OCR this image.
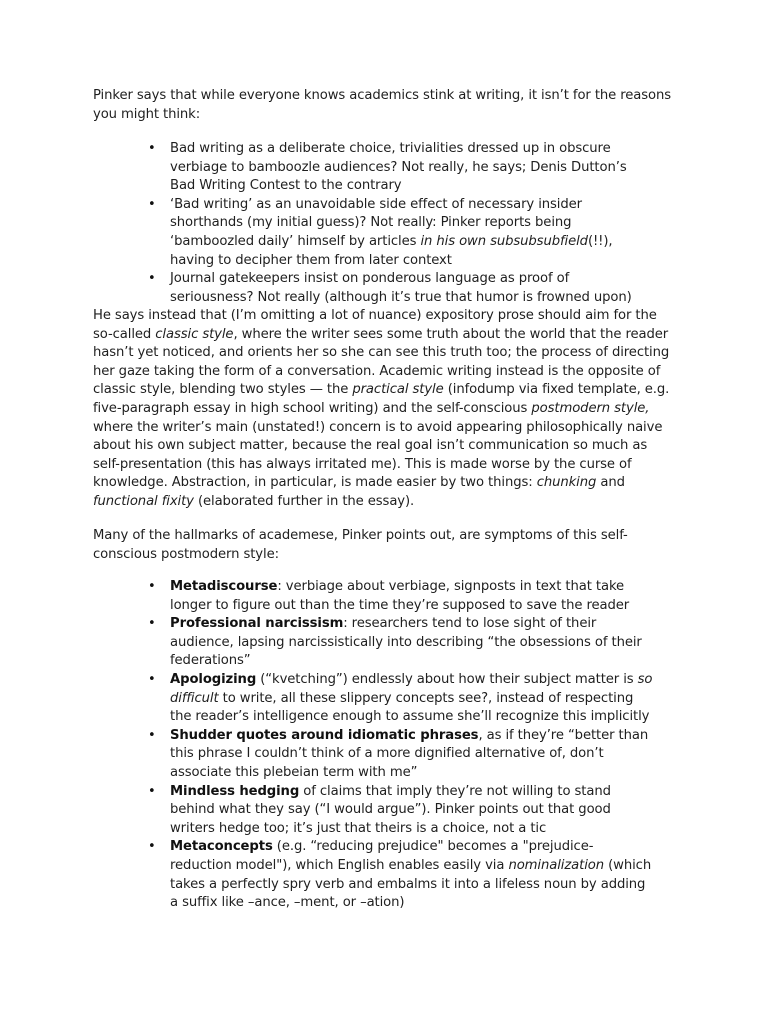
Pinker says that while everyone knows academics stink at writing, it isn’t for the reasons you might think:

• Bad writing as a deliberate choice, trivialities dressed up in obscure verbiage to bamboozle audiences? Not really, he says; Denis Dutton’s Bad Writing Contest to the contrary
• ‘Bad writing’ as an unavoidable side effect of necessary insider shorthands (my initial guess)? Not really: Pinker reports being ‘bamboozled daily’ himself by articles in his own subsubsubfield(!!), having to decipher them from later context
• Journal gatekeepers insist on ponderous language as proof of seriousness? Not really (although it’s true that humor is frowned upon)

He says instead that (I’m omitting a lot of nuance) expository prose should aim for the so-called classic style, where the writer sees some truth about the world that the reader hasn’t yet noticed, and orients her so she can see this truth too; the process of directing her gaze taking the form of a conversation. Academic writing instead is the opposite of classic style, blending two styles — the practical style (infodump via fixed template, e.g. five-paragraph essay in high school writing) and the self-conscious postmodern style, where the writer’s main (unstated!) concern is to avoid appearing philosophically naive about his own subject matter, because the real goal isn’t communication so much as self-presentation (this has always irritated me). This is made worse by the curse of knowledge. Abstraction, in particular, is made easier by two things: chunking and functional fixity (elaborated further in the essay).

Many of the hallmarks of academese, Pinker points out, are symptoms of this self-conscious postmodern style:

• Metadiscourse: verbiage about verbiage, signposts in text that take longer to figure out than the time they’re supposed to save the reader
• Professional narcissism: researchers tend to lose sight of their audience, lapsing narcissistically into describing “the obsessions of their federations”
• Apologizing (“kvetching”) endlessly about how their subject matter is so difficult to write, all these slippery concepts see?, instead of respecting the reader’s intelligence enough to assume she’ll recognize this implicitly
• Shudder quotes around idiomatic phrases, as if they’re “better than this phrase I couldn’t think of a more dignified alternative of, don’t associate this plebeian term with me”
• Mindless hedging of claims that imply they’re not willing to stand behind what they say (“I would argue”). Pinker points out that good writers hedge too; it’s just that theirs is a choice, not a tic
• Metaconcepts (e.g. “reducing prejudice" becomes a "prejudice-reduction model"), which English enables easily via nominalization (which takes a perfectly spry verb and embalms it into a lifeless noun by adding a suffix like –ance, –ment, or –ation)
